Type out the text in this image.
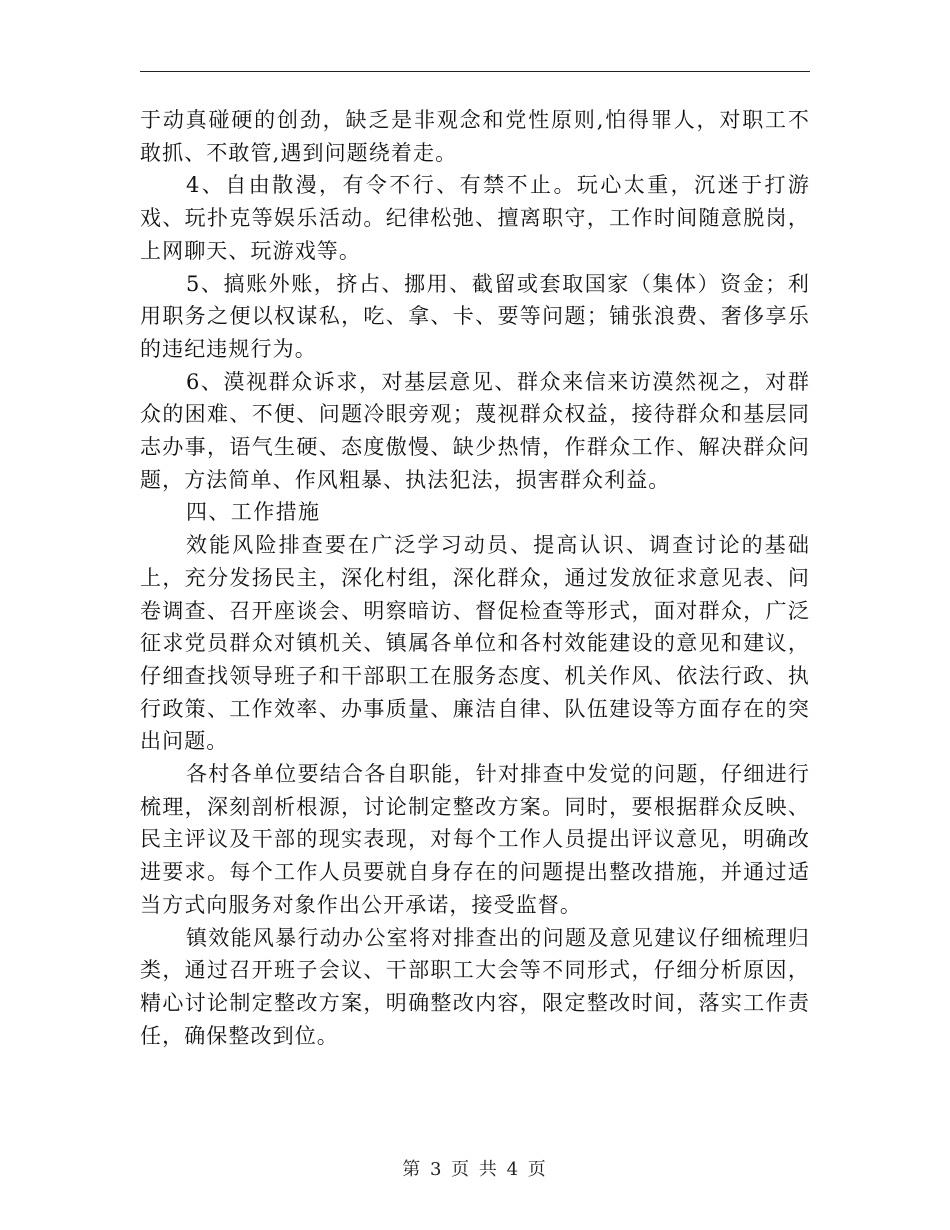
于动真碰硬的创劲，缺乏是非观念和党性原则,怕得罪人，对职工不敢抓、不敢管,遇到问题绕着走。

4、自由散漫，有令不行、有禁不止。玩心太重，沉迷于打游戏、玩扑克等娱乐活动。纪律松弛、擅离职守，工作时间随意脱岗，上网聊天、玩游戏等。

5、搞账外账，挤占、挪用、截留或套取国家（集体）资金；利用职务之便以权谋私，吃、拿、卡、要等问题；铺张浪费、奢侈享乐的违纪违规行为。

6、漠视群众诉求，对基层意见、群众来信来访漠然视之，对群众的困难、不便、问题冷眼旁观；蔑视群众权益，接待群众和基层同志办事，语气生硬、态度傲慢、缺少热情，作群众工作、解决群众问题，方法简单、作风粗暴、执法犯法，损害群众利益。

四、工作措施

效能风险排查要在广泛学习动员、提高认识、调查讨论的基础上，充分发扬民主，深化村组，深化群众，通过发放征求意见表、问卷调查、召开座谈会、明察暗访、督促检查等形式，面对群众，广泛征求党员群众对镇机关、镇属各单位和各村效能建设的意见和建议，仔细查找领导班子和干部职工在服务态度、机关作风、依法行政、执行政策、工作效率、办事质量、廉洁自律、队伍建设等方面存在的突出问题。

各村各单位要结合各自职能，针对排查中发觉的问题，仔细进行梳理，深刻剖析根源，讨论制定整改方案。同时，要根据群众反映、民主评议及干部的现实表现，对每个工作人员提出评议意见，明确改进要求。每个工作人员要就自身存在的问题提出整改措施，并通过适当方式向服务对象作出公开承诺，接受监督。

镇效能风暴行动办公室将对排查出的问题及意见建议仔细梳理归类，通过召开班子会议、干部职工大会等不同形式，仔细分析原因，精心讨论制定整改方案，明确整改内容，限定整改时间，落实工作责任，确保整改到位。

第 3 页 共 4 页
